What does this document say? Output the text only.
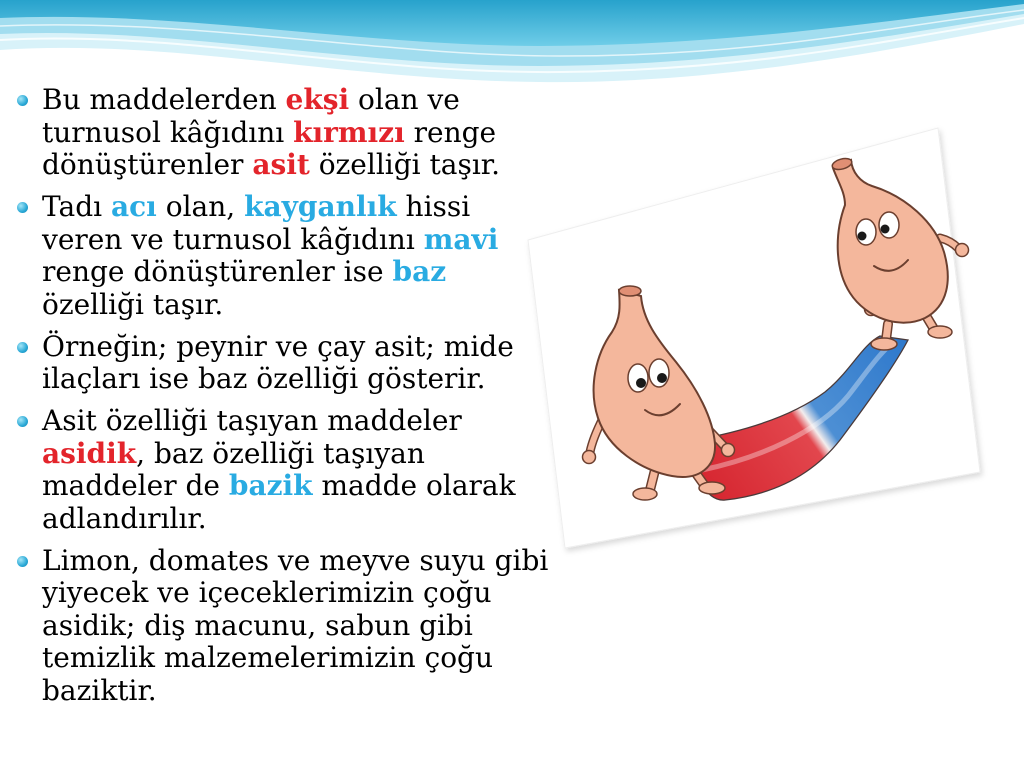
Bu maddelerden ekşi olan ve
turnusol kâğıdını kırmızı renge
dönüştürenler asit özelliği taşır.

Tadı acı olan, kayganlık hissi
veren ve turnusol kâğıdını mavi
renge dönüştürenler ise baz
özelliği taşır.

Örneğin; peynir ve çay asit; mide
ilaçları ise baz özelliği gösterir.

Asit özelliği taşıyan maddeler
asidik, baz özelliği taşıyan
maddeler de bazik madde olarak
adlandırılır.

Limon, domates ve meyve suyu gibi
yiyecek ve içeceklerimizin çoğu
asidik; diş macunu, sabun gibi
temizlik malzemelerimizin çoğu
baziktir.
